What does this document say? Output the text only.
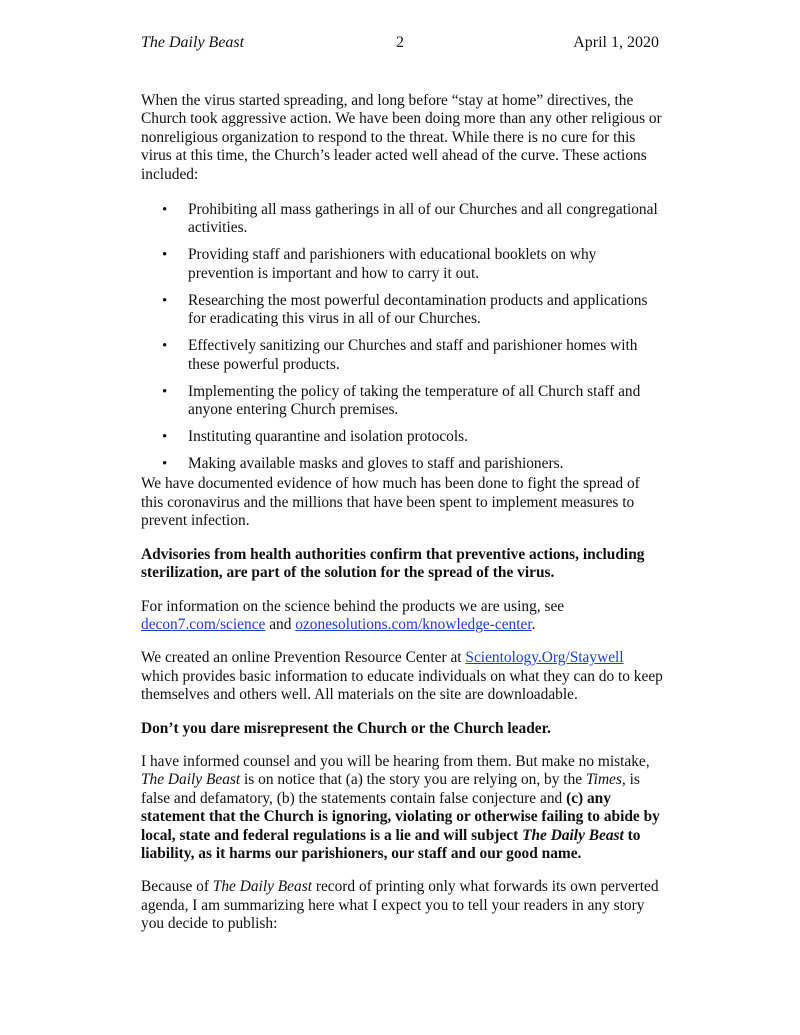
The Daily Beast	2	April 1, 2020

When the virus started spreading, and long before “stay at home” directives, the Church took aggressive action. We have been doing more than any other religious or nonreligious organization to respond to the threat. While there is no cure for this virus at this time, the Church’s leader acted well ahead of the curve. These actions included:

• Prohibiting all mass gatherings in all of our Churches and all congregational activities.
• Providing staff and parishioners with educational booklets on why prevention is important and how to carry it out.
• Researching the most powerful decontamination products and applications for eradicating this virus in all of our Churches.
• Effectively sanitizing our Churches and staff and parishioner homes with these powerful products.
• Implementing the policy of taking the temperature of all Church staff and anyone entering Church premises.
• Instituting quarantine and isolation protocols.
• Making available masks and gloves to staff and parishioners.

We have documented evidence of how much has been done to fight the spread of this coronavirus and the millions that have been spent to implement measures to prevent infection.

Advisories from health authorities confirm that preventive actions, including sterilization, are part of the solution for the spread of the virus.

For information on the science behind the products we are using, see decon7.com/science and ozonesolutions.com/knowledge-center.

We created an online Prevention Resource Center at Scientology.Org/Staywell which provides basic information to educate individuals on what they can do to keep themselves and others well. All materials on the site are downloadable.

Don’t you dare misrepresent the Church or the Church leader.

I have informed counsel and you will be hearing from them. But make no mistake, The Daily Beast is on notice that (a) the story you are relying on, by the Times, is false and defamatory, (b) the statements contain false conjecture and (c) any statement that the Church is ignoring, violating or otherwise failing to abide by local, state and federal regulations is a lie and will subject The Daily Beast to liability, as it harms our parishioners, our staff and our good name.

Because of The Daily Beast record of printing only what forwards its own perverted agenda, I am summarizing here what I expect you to tell your readers in any story you decide to publish:
